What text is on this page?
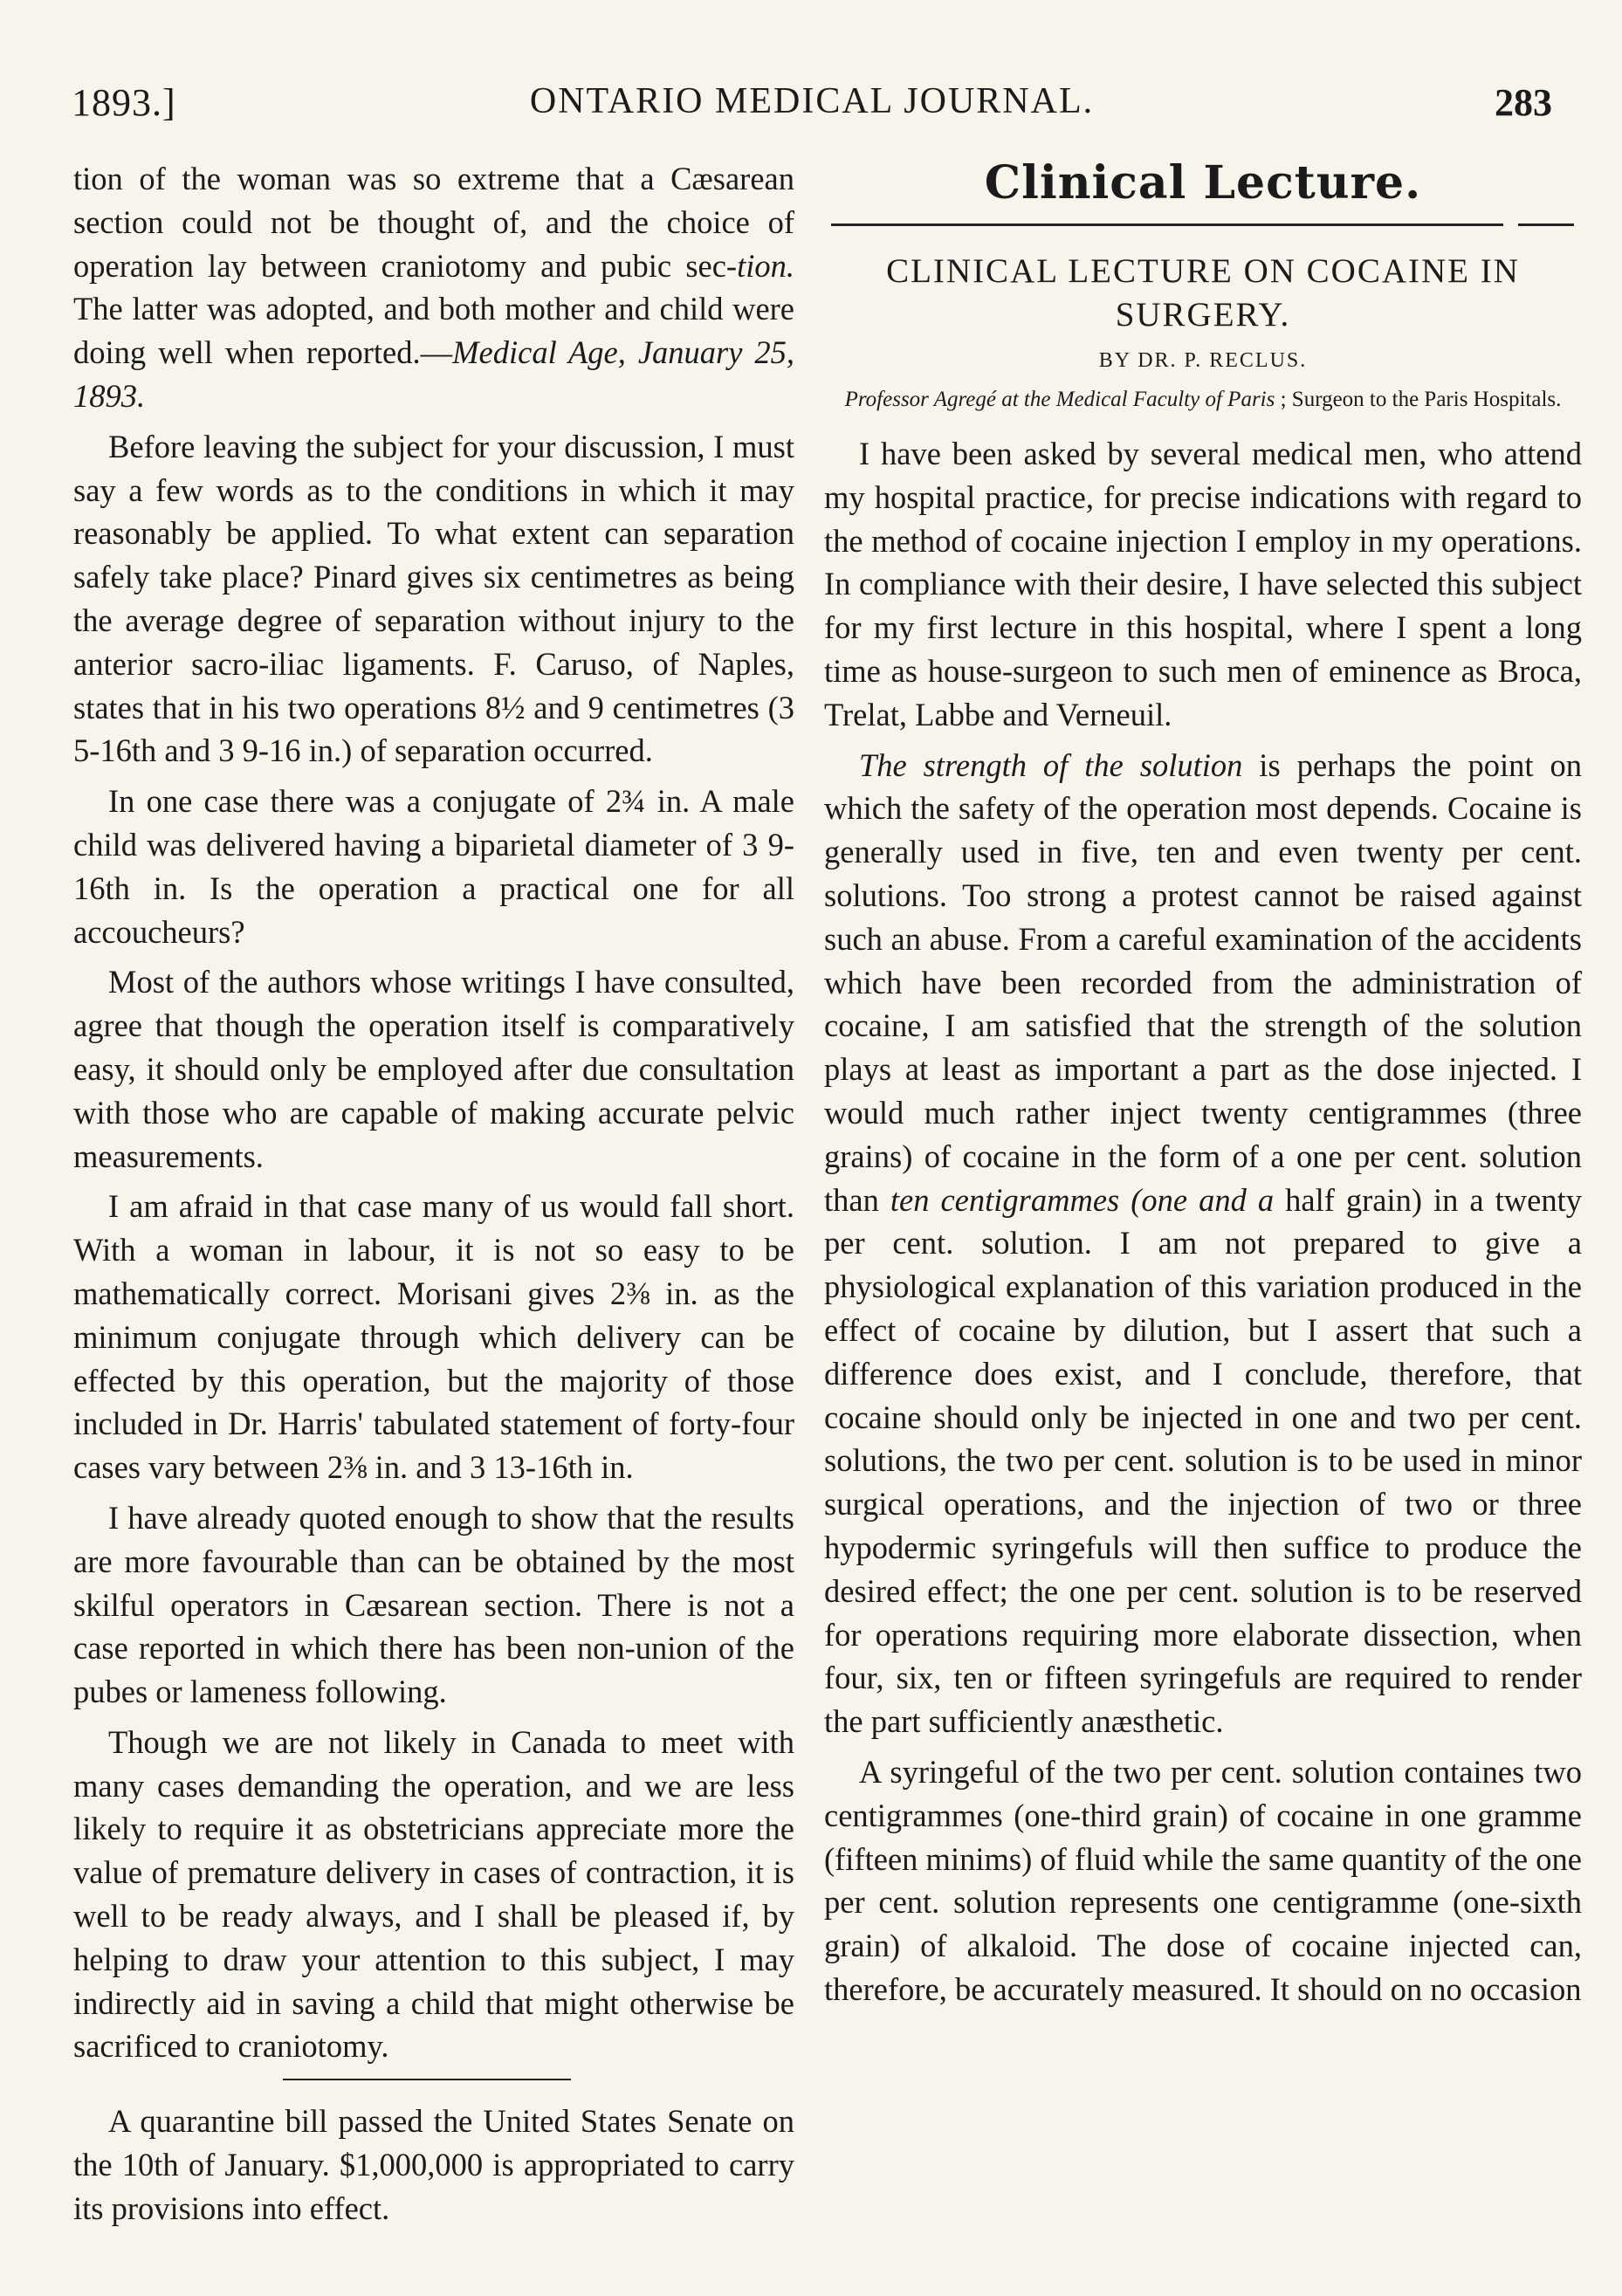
1893.]	ONTARIO MEDICAL JOURNAL.	283

tion of the woman was so extreme that a Cæsarean section could not be thought of, and the choice of operation lay between craniotomy and pubic sec-tion. The latter was adopted, and both mother and child were doing well when reported.—Medical Age, January 25, 1893.

Before leaving the subject for your discussion, I must say a few words as to the conditions in which it may reasonably be applied. To what extent can separation safely take place? Pinard gives six centimetres as being the average degree of separation without injury to the anterior sacro-iliac ligaments. F. Caruso, of Naples, states that in his two operations 8½ and 9 centimetres (3 5-16th and 3 9-16 in.) of separation occurred.

In one case there was a conjugate of 2¾ in. A male child was delivered having a biparietal diameter of 3 9-16th in. Is the operation a practical one for all accoucheurs?

Most of the authors whose writings I have consulted, agree that though the operation itself is comparatively easy, it should only be employed after due consultation with those who are capable of making accurate pelvic measurements.

I am afraid in that case many of us would fall short. With a woman in labour, it is not so easy to be mathematically correct. Morisani gives 2⅜ in. as the minimum conjugate through which delivery can be effected by this operation, but the majority of those included in Dr. Harris' tabulated statement of forty-four cases vary between 2⅜ in. and 3 13-16th in.

I have already quoted enough to show that the results are more favourable than can be obtained by the most skilful operators in Cæsarean section. There is not a case reported in which there has been non-union of the pubes or lameness following.

Though we are not likely in Canada to meet with many cases demanding the operation, and we are less likely to require it as obstetricians appreciate more the value of premature delivery in cases of contraction, it is well to be ready always, and I shall be pleased if, by helping to draw your attention to this subject, I may indirectly aid in saving a child that might otherwise be sacrificed to craniotomy.

A quarantine bill passed the United States Senate on the 10th of January. $1,000,000 is appropriated to carry its provisions into effect.

Clinical Lecture.
CLINICAL LECTURE ON COCAINE IN SURGERY.
BY DR. P. RECLUS.
Professor Agregé at the Medical Faculty of Paris ; Surgeon to the Paris Hospitals.

I have been asked by several medical men, who attend my hospital practice, for precise indications with regard to the method of cocaine injection I employ in my operations. In compliance with their desire, I have selected this subject for my first lecture in this hospital, where I spent a long time as house-surgeon to such men of eminence as Broca, Trelat, Labbe and Verneuil.

The strength of the solution is perhaps the point on which the safety of the operation most depends. Cocaine is generally used in five, ten and even twenty per cent. solutions. Too strong a protest cannot be raised against such an abuse. From a careful examination of the accidents which have been recorded from the administration of cocaine, I am satisfied that the strength of the solution plays at least as important a part as the dose injected. I would much rather inject twenty centigrammes (three grains) of cocaine in the form of a one per cent. solution than ten centigrammes (one and a half grain) in a twenty per cent. solution. I am not prepared to give a physiological explanation of this variation produced in the effect of cocaine by dilution, but I assert that such a difference does exist, and I conclude, therefore, that cocaine should only be injected in one and two per cent. solutions, the two per cent. solution is to be used in minor surgical operations, and the injection of two or three hypodermic syringefuls will then suffice to produce the desired effect; the one per cent. solution is to be reserved for operations requiring more elaborate dissection, when four, six, ten or fifteen syringefuls are required to render the part sufficiently anæsthetic.

A syringeful of the two per cent. solution containes two centigrammes (one-third grain) of cocaine in one gramme (fifteen minims) of fluid while the same quantity of the one per cent. solution represents one centigramme (one-sixth grain) of alkaloid. The dose of cocaine injected can, therefore, be accurately measured. It should on no occasion
